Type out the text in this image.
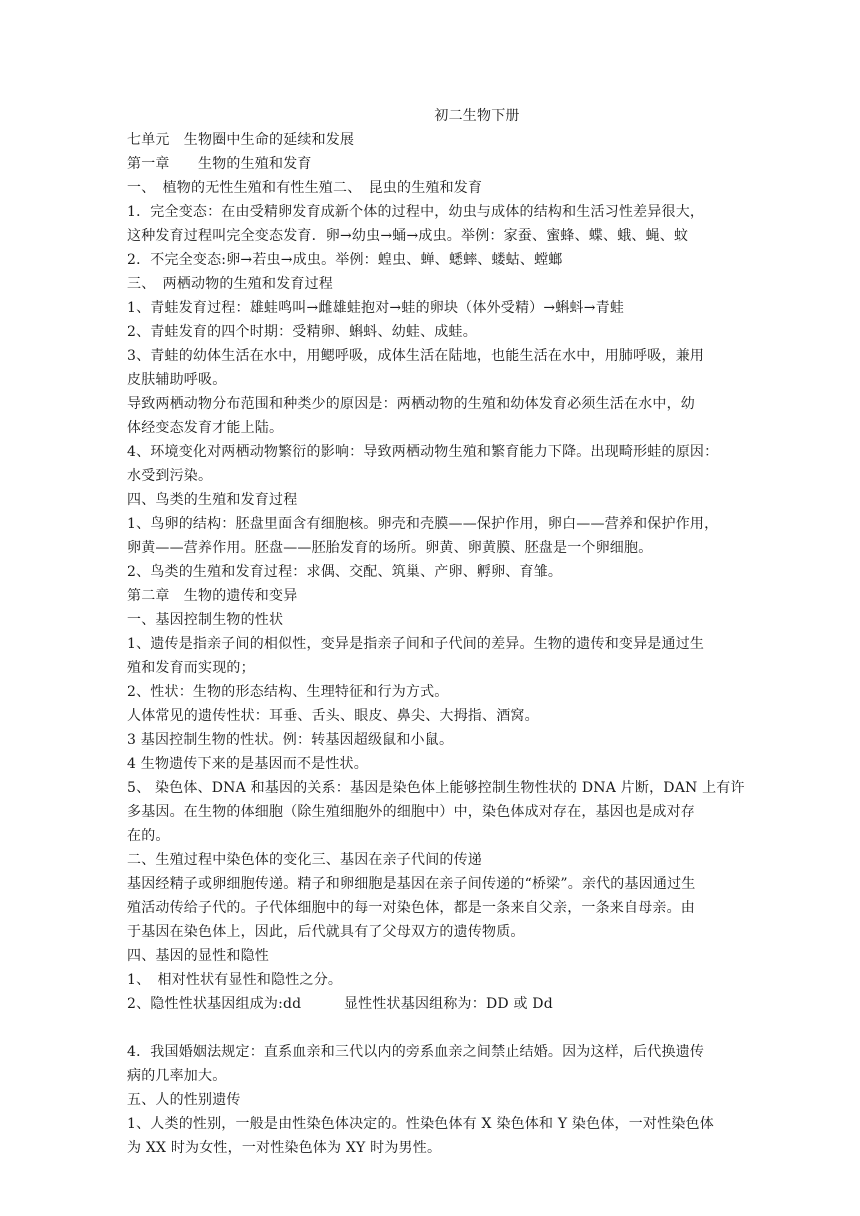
初二生物下册
七单元　生物圈中生命的延续和发展
第一章　　生物的生殖和发育
一、　植物的无性生殖和有性生殖二、　昆虫的生殖和发育
1．完全变态：在由受精卵发育成新个体的过程中，幼虫与成体的结构和生活习性差异很大，
这种发育过程叫完全变态发育．卵→幼虫→蛹→成虫。举例：家蚕、蜜蜂、蝶、蛾、蝇、蚊
2．不完全变态:卵→若虫→成虫。举例：蝗虫、蝉、蟋蟀、蝼蛄、螳螂
三、　两栖动物的生殖和发育过程
1、青蛙发育过程：雄蛙鸣叫→雌雄蛙抱对→蛙的卵块（体外受精）→蝌蚪→青蛙
2、青蛙发育的四个时期：受精卵、蝌蚪、幼蛙、成蛙。
3、青蛙的幼体生活在水中，用鳃呼吸，成体生活在陆地，也能生活在水中，用肺呼吸，兼用
皮肤辅助呼吸。
导致两栖动物分布范围和种类少的原因是：两栖动物的生殖和幼体发育必须生活在水中，幼
体经变态发育才能上陆。
4、环境变化对两栖动物繁衍的影响：导致两栖动物生殖和繁育能力下降。出现畸形蛙的原因：
水受到污染。
四、鸟类的生殖和发育过程
1、鸟卵的结构：胚盘里面含有细胞核。卵壳和壳膜——保护作用，卵白——营养和保护作用，
卵黄——营养作用。胚盘——胚胎发育的场所。卵黄、卵黄膜、胚盘是一个卵细胞。
2、鸟类的生殖和发育过程：求偶、交配、筑巢、产卵、孵卵、育雏。
第二章　生物的遗传和变异
一、基因控制生物的性状
1、遗传是指亲子间的相似性，变异是指亲子间和子代间的差异。生物的遗传和变异是通过生
殖和发育而实现的；
2、性状：生物的形态结构、生理特征和行为方式。
人体常见的遗传性状：耳垂、舌头、眼皮、鼻尖、大拇指、酒窝。
3 基因控制生物的性状。例：转基因超级鼠和小鼠。
4 生物遗传下来的是基因而不是性状。
5、 染色体、DNA 和基因的关系：基因是染色体上能够控制生物性状的 DNA 片断，DAN 上有许
多基因。在生物的体细胞（除生殖细胞外的细胞中）中，染色体成对存在，基因也是成对存
在的。
二、生殖过程中染色体的变化三、基因在亲子代间的传递
基因经精子或卵细胞传递。精子和卵细胞是基因在亲子间传递的“桥梁”。亲代的基因通过生
殖活动传给子代的。子代体细胞中的每一对染色体，都是一条来自父亲，一条来自母亲。由
于基因在染色体上，因此，后代就具有了父母双方的遗传物质。
四、基因的显性和隐性
1、　相对性状有显性和隐性之分。
2、隐性性状基因组成为:dd　　　显性性状基因组称为：DD 或 Dd
4．我国婚姻法规定：直系血亲和三代以内的旁系血亲之间禁止结婚。因为这样，后代换遗传
病的几率加大。
五、人的性别遗传
1、人类的性别，一般是由性染色体决定的。性染色体有 X 染色体和 Y 染色体，一对性染色体
为 XX 时为女性，一对性染色体为 XY 时为男性。
